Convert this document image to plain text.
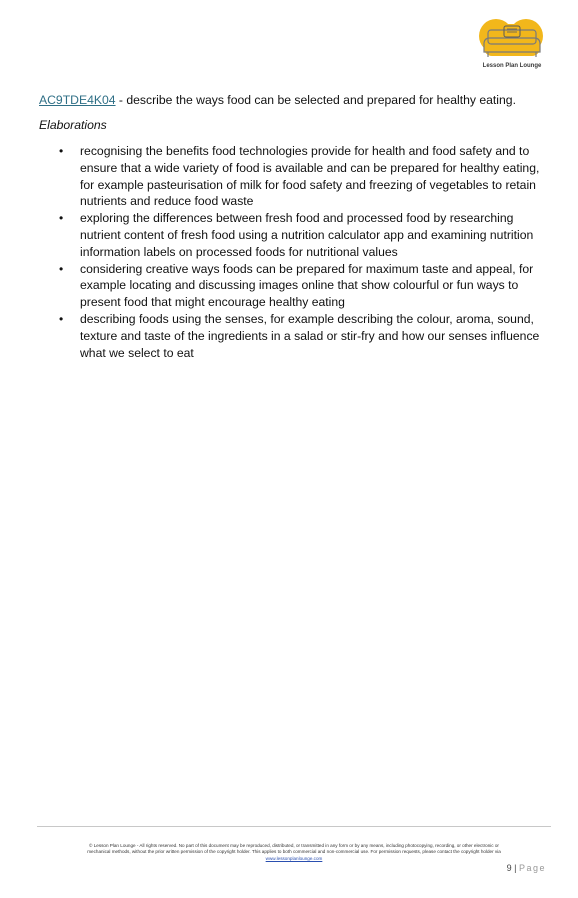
Lesson Plan Lounge
AC9TDE4K04 - describe the ways food can be selected and prepared for healthy eating.
Elaborations
• recognising the benefits food technologies provide for health and food safety and to
ensure that a wide variety of food is available and can be prepared for healthy eating,
for example pasteurisation of milk for food safety and freezing of vegetables to retain
nutrients and reduce food waste
• exploring the differences between fresh food and processed food by researching
nutrient content of fresh food using a nutrition calculator app and examining nutrition
information labels on processed foods for nutritional values
• considering creative ways foods can be prepared for maximum taste and appeal, for
example locating and discussing images online that show colourful or fun ways to
present food that might encourage healthy eating
• describing foods using the senses, for example describing the colour, aroma, sound,
texture and taste of the ingredients in a salad or stir-fry and how our senses influence
what we select to eat
© Lesson Plan Lounge - All rights reserved. No part of this document may be reproduced, distributed, or transmitted in any form or by any means, including photocopying, recording, or other electronic or
mechanical methods, without the prior written permission of the copyright holder. This applies to both commercial and non-commercial use. For permission requests, please contact the copyright holder via
www.lessonplanlounge.com
9 | Page
